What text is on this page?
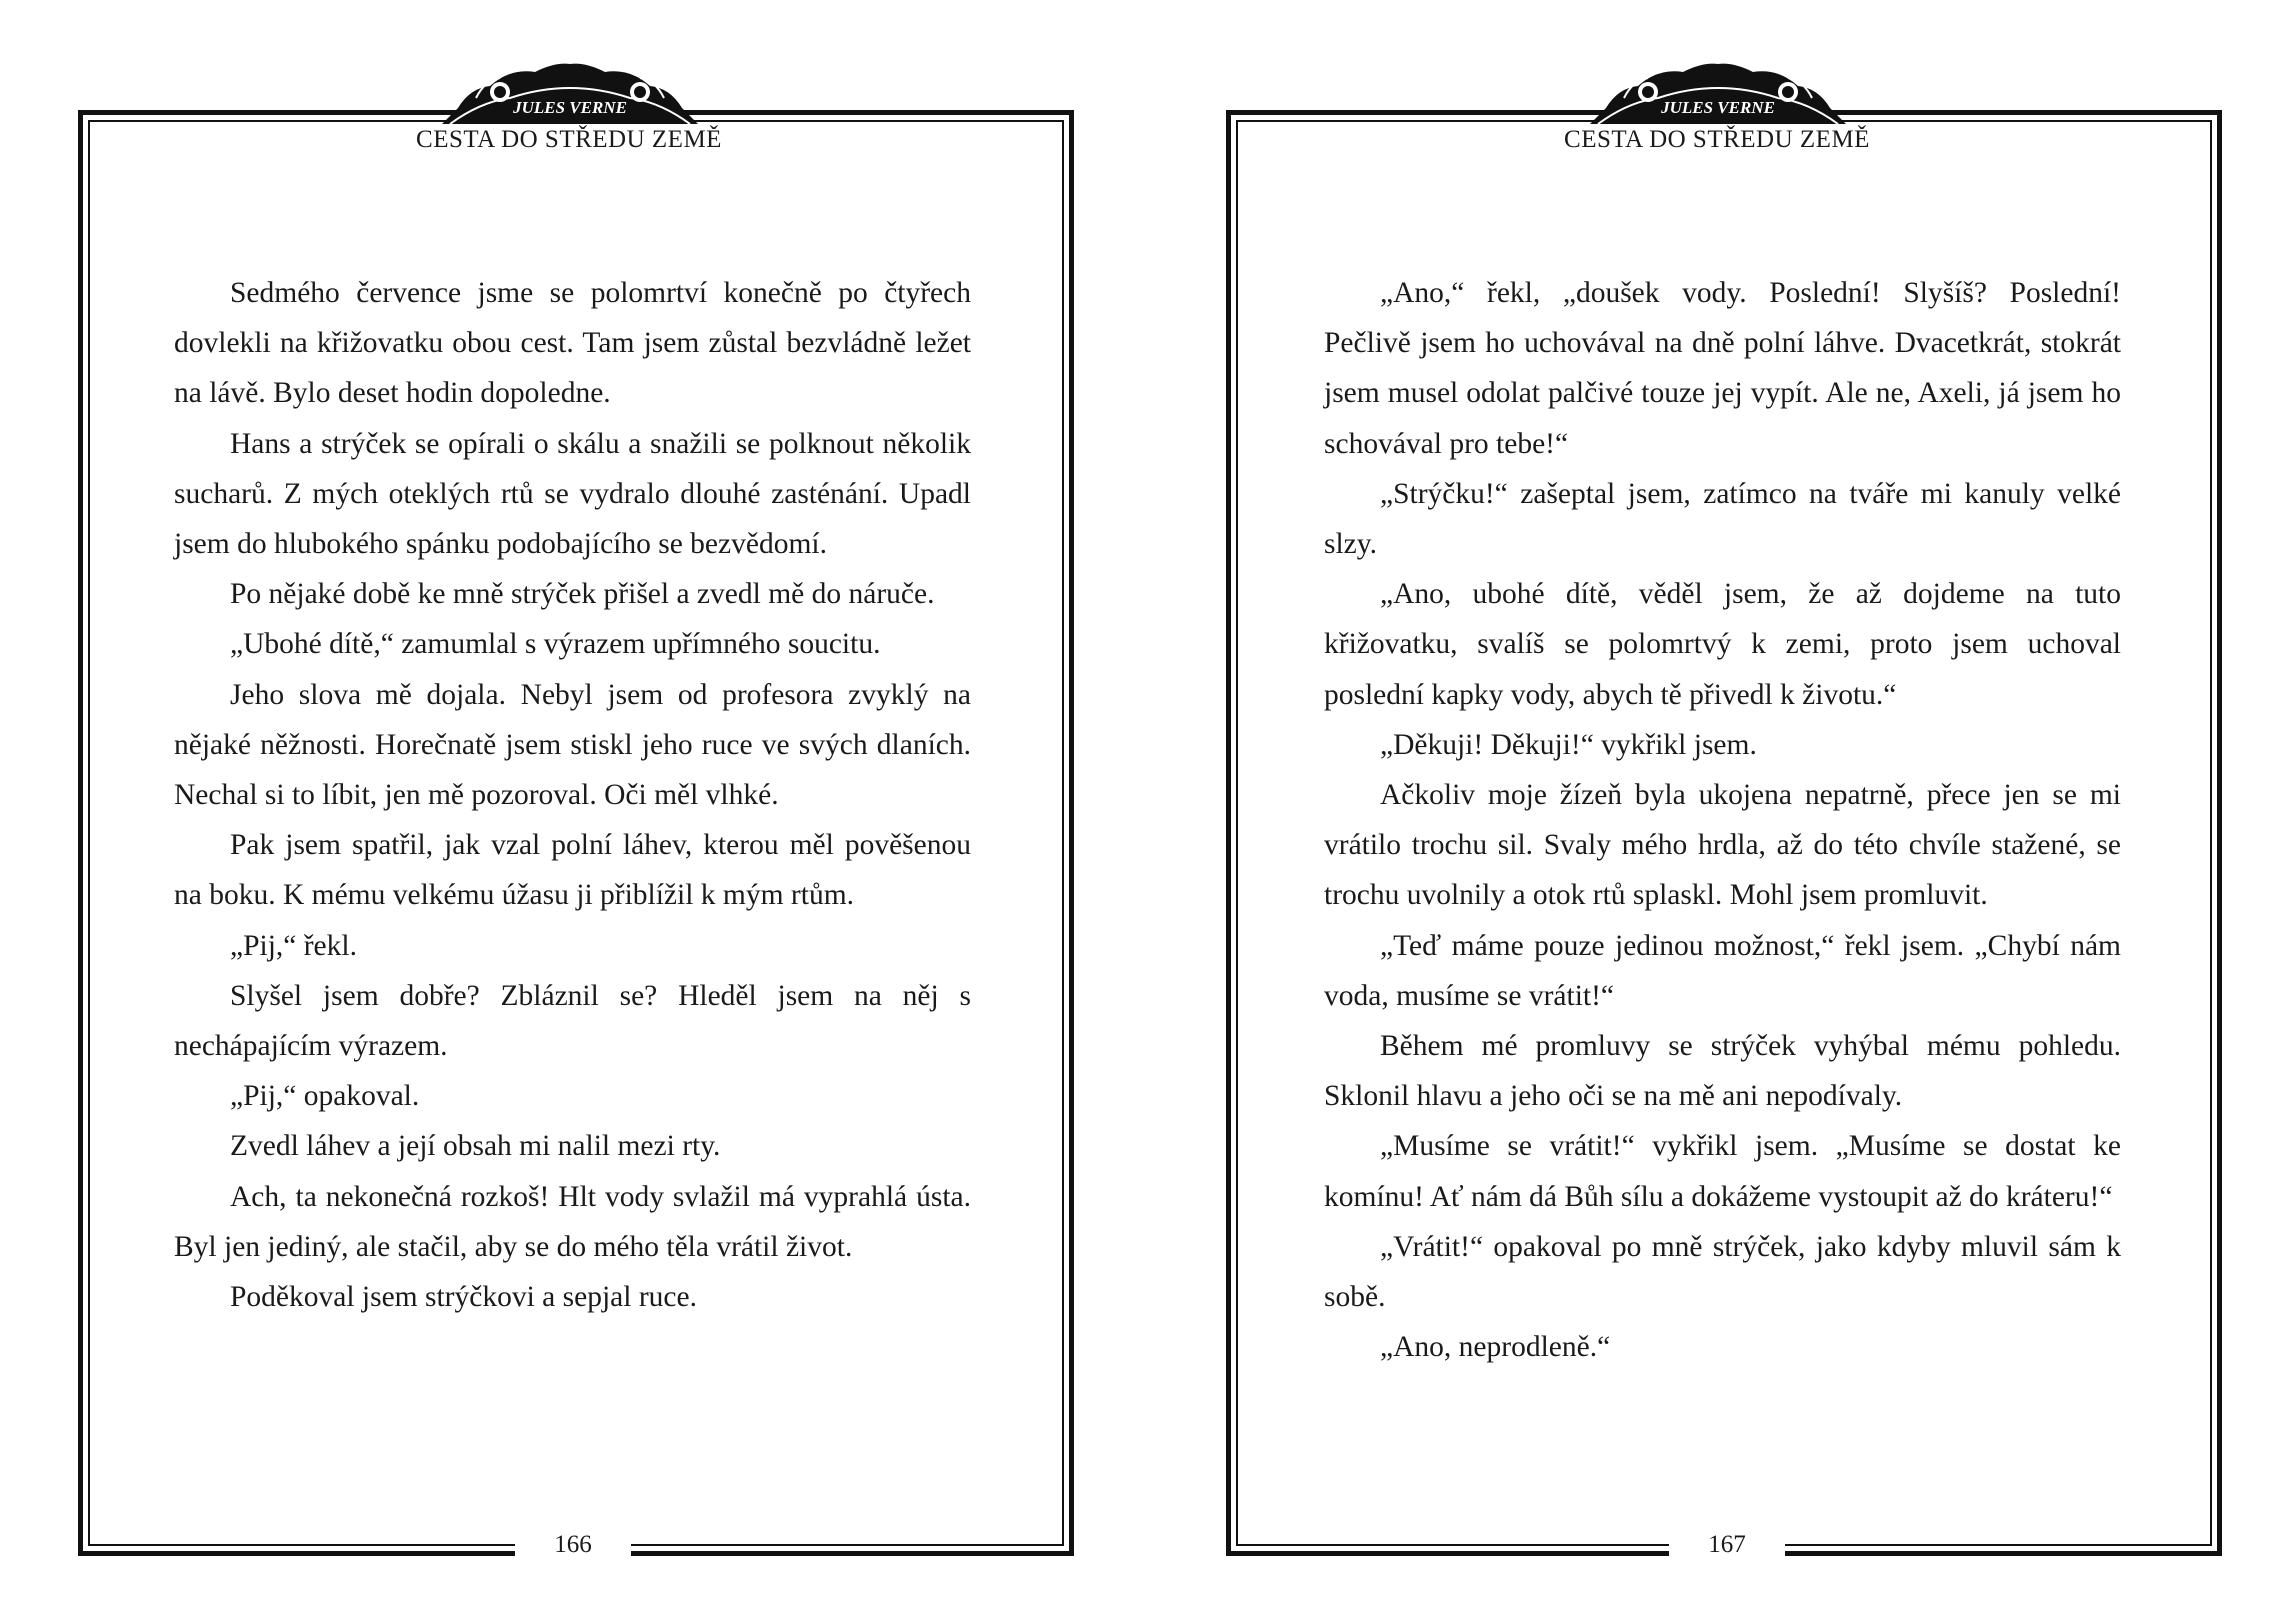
JULES VERNE
CESTA DO STŘEDU ZEMĚ

Sedmého července jsme se polomrtví konečně po čtyřech dovlekli na křižovatku obou cest. Tam jsem zůstal bezvládně ležet na lávě. Bylo deset hodin dopoledne.

Hans a strýček se opírali o skálu a snažili se polknout několik sucharů. Z mých oteklých rtů se vydralo dlouhé zasténání. Upadl jsem do hlubokého spánku podobajícího se bezvědomí.

Po nějaké době ke mně strýček přišel a zvedl mě do náruče.

„Ubohé dítě,“ zamumlal s výrazem upřímného soucitu.

Jeho slova mě dojala. Nebyl jsem od profesora zvyklý na nějaké něžnosti. Horečnatě jsem stiskl jeho ruce ve svých dlaních. Nechal si to líbit, jen mě pozoroval. Oči měl vlhké.

Pak jsem spatřil, jak vzal polní láhev, kterou měl pověšenou na boku. K mému velkému úžasu ji přiblížil k mým rtům.

„Pij,“ řekl.

Slyšel jsem dobře? Zbláznil se? Hleděl jsem na něj s nechápajícím výrazem.

„Pij,“ opakoval.

Zvedl láhev a její obsah mi nalil mezi rty.

Ach, ta nekonečná rozkoš! Hlt vody svlažil má vyprahlá ústa. Byl jen jediný, ale stačil, aby se do mého těla vrátil život.

Poděkoval jsem strýčkovi a sepjal ruce.

166
JULES VERNE
CESTA DO STŘEDU ZEMĚ

„Ano,“ řekl, „doušek vody. Poslední! Slyšíš? Poslední! Pečlivě jsem ho uchovával na dně polní láhve. Dvacetkrát, stokrát jsem musel odolat palčivé touze jej vypít. Ale ne, Axeli, já jsem ho schovával pro tebe!“

„Strýčku!“ zašeptal jsem, zatímco na tváře mi kanuly velké slzy.

„Ano, ubohé dítě, věděl jsem, že až dojdeme na tuto křižovatku, svalíš se polomrtvý k zemi, proto jsem uchoval poslední kapky vody, abych tě přivedl k životu.“

„Děkuji! Děkuji!“ vykřikl jsem.

Ačkoliv moje žízeň byla ukojena nepatrně, přece jen se mi vrátilo trochu sil. Svaly mého hrdla, až do této chvíle stažené, se trochu uvolnily a otok rtů splaskl. Mohl jsem promluvit.

„Teď máme pouze jedinou možnost,“ řekl jsem. „Chybí nám voda, musíme se vrátit!“

Během mé promluvy se strýček vyhýbal mému pohledu. Sklonil hlavu a jeho oči se na mě ani nepodívaly.

„Musíme se vrátit!“ vykřikl jsem. „Musíme se dostat ke komínu! Ať nám dá Bůh sílu a dokážeme vystoupit až do kráteru!“

„Vrátit!“ opakoval po mně strýček, jako kdyby mluvil sám k sobě.

„Ano, neprodleně.“

167
